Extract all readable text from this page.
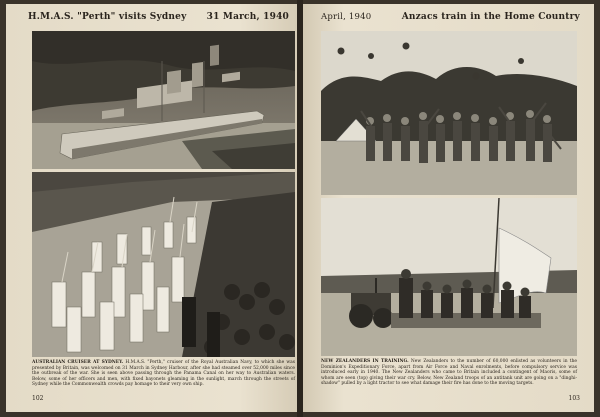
H.M.A.S. "Perth" visits Sydney 31 March, 1940
AUSTRALIAN CRUISER AT SYDNEY. H.M.A.S. "Perth," cruiser of the Royal Australian Navy, to which she was presented by Britain, was welcomed on 31 March in Sydney Harbour, after she had steamed over 52,000 miles since the outbreak of the war. She is seen above passing through the Panama Canal on her way to Australian waters. Below, some of her officers and men, with fixed bayonets gleaming in the sunlight, march through the streets of Sydney while the Commonwealth crowds pay homage to their very own ship.
102
April, 1940	Anzacs train in the Home Country
NEW ZEALANDERS IN TRAINING. New Zealanders to the number of 60,000 enlisted as volunteers in the Dominion's Expeditionary Force, apart from Air Force and Naval enrolments, before compulsory service was introduced early in 1940. The New Zealanders who came to Britain included a contingent of Maoris, some of whom are seen (top) giving their war cry. Below, New Zealand troops of an antitank unit are going on a "dinghi-shadow" pulled by a light tractor to see what damage their fire has done to the moving targets.
103
